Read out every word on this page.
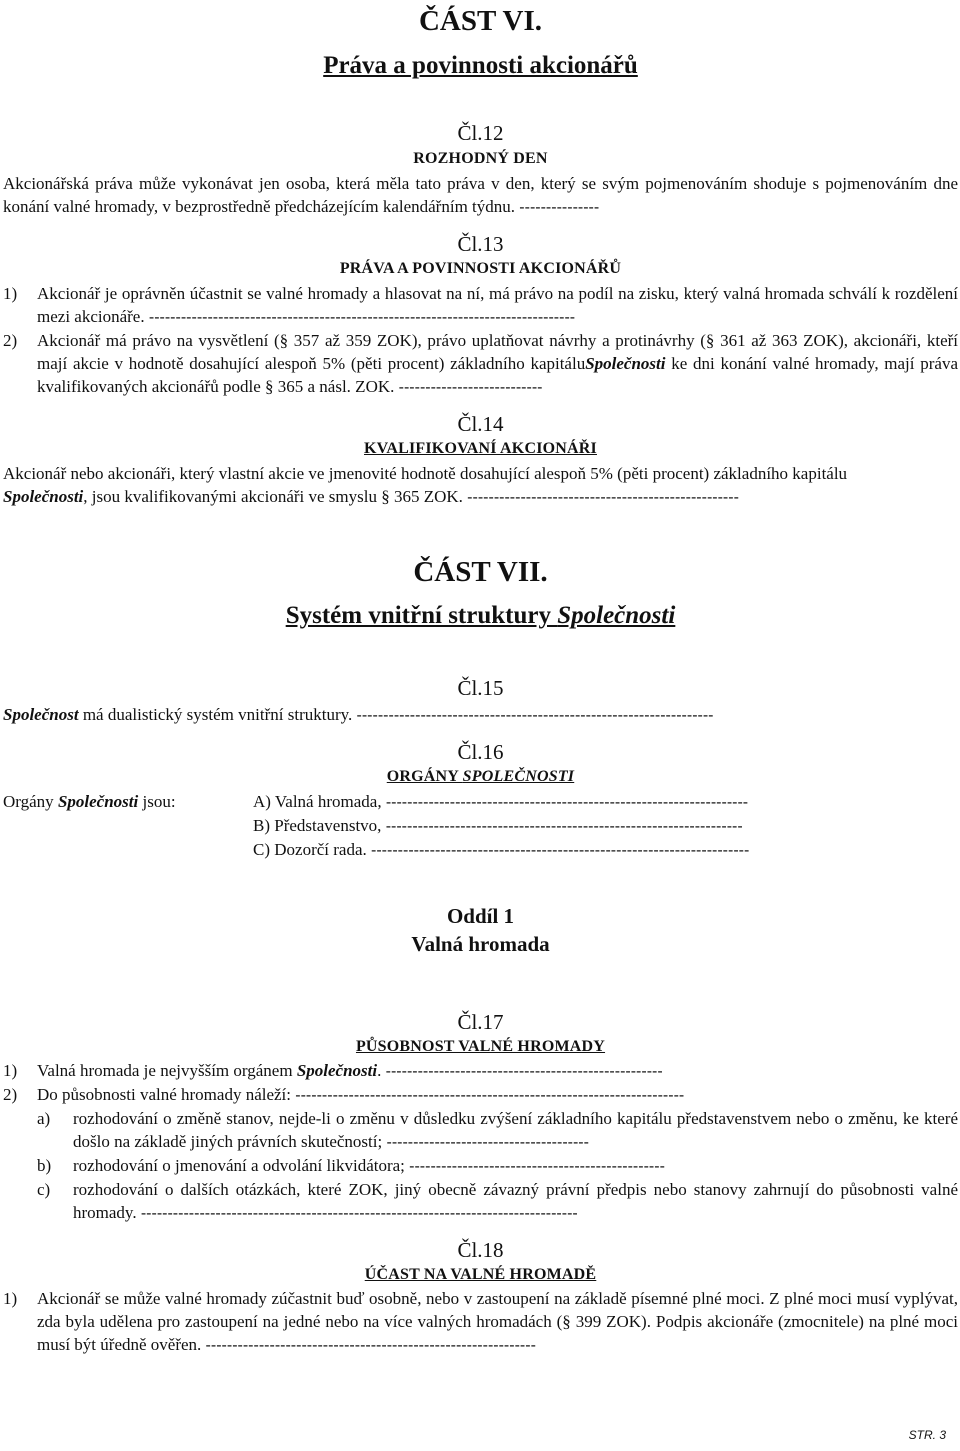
ČÁST VI.
Práva a povinnosti akcionářů
Čl.12
ROZHODNÝ DEN

Akcionářská práva může vykonávat jen osoba, která měla tato práva v den, který se svým pojmenováním shoduje s pojmenováním dne konání valné hromady, v bezprostředně předcházejícím kalendářním týdnu. ---------------

Čl.13
PRÁVA A POVINNOSTI AKCIONÁŘŮ
1)	Akcionář je oprávněn účastnit se valné hromady a hlasovat na ní, má právo na podíl na zisku, který valná hromada schválí k rozdělení mezi akcionáře. --------------------------------------------------------------------------------

2)	Akcionář má právo na vysvětlení (§ 357 až 359 ZOK), právo uplatňovat návrhy a protinávrhy (§ 361 až 363 ZOK), akcionáři, kteří mají akcie v hodnotě dosahující alespoň 5% (pěti procent) základního kapitáluSpolečnosti ke dni konání valné hromady, mají práva kvalifikovaných akcionářů podle § 365 a násl. ZOK. ---------------------------

Čl.14
KVALIFIKOVANÍ AKCIONÁŘI

Akcionář nebo akcionáři, který vlastní akcie ve jmenovité hodnotě dosahující alespoň 5% (pěti procent) základního kapitálu
Společnosti, jsou kvalifikovanými akcionáři ve smyslu § 365 ZOK. ---------------------------------------------------

ČÁST VII.
Systém vnitřní struktury Společnosti
Čl.15

Společnost má dualistický systém vnitřní struktury. -------------------------------------------------------------------

Čl.16
ORGÁNY SPOLEČNOSTI
Orgány Společnosti jsou:	A) Valná hromada, --------------------------------------------------------------------
B) Představenstvo, -------------------------------------------------------------------
C) Dozorčí rada. -----------------------------------------------------------------------
Oddíl 1
Valná hromada
Čl.17
PŮSOBNOST VALNÉ HROMADY
1)	Valná hromada je nejvyšším orgánem Společnosti. ----------------------------------------------------

2)	Do působnosti valné hromady náleží: -------------------------------------------------------------------------

a)	rozhodování o změně stanov, nejde-li o změnu v důsledku zvýšení základního kapitálu představenstvem nebo o změnu, ke které došlo na základě jiných právních skutečností; --------------------------------------

b)	rozhodování o jmenování a odvolání likvidátora; ------------------------------------------------

c)	rozhodování o dalších otázkách, které ZOK, jiný obecně závazný právní předpis nebo stanovy zahrnují do působnosti valné hromady. ----------------------------------------------------------------------------------

Čl.18
ÚČAST NA VALNÉ HROMADĚ
1)	Akcionář se může valné hromady zúčastnit buď osobně, nebo v zastoupení na základě písemné plné moci. Z plné moci musí vyplývat, zda byla udělena pro zastoupení na jedné nebo na více valných hromadách (§ 399 ZOK). Podpis akcionáře (zmocnitele) na plné moci musí být úředně ověřen. --------------------------------------------------------------

STR. 3
